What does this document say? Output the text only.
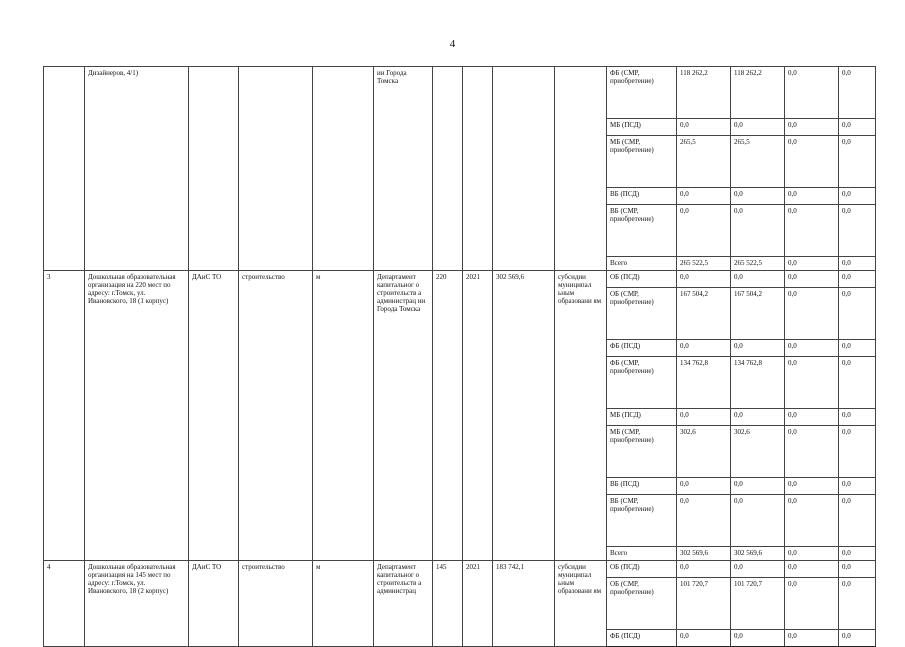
4
	Дизайнеров, 4/1)				ии Города
Томска					ФБ (СМР,
приобретение)	118 262,2	118 262,2	0,0	0,0
										МБ (ПСД)	0,0	0,0	0,0	0,0
										МБ (СМР,
приобретение)	265,5	265,5	0,0	0,0
										ВБ (ПСД)	0,0	0,0	0,0	0,0
										ВБ (СМР,
приобретение)	0,0	0,0	0,0	0,0
										Всего	265 522,5	265 522,5	0,0	0,0
3	Дошкольная образовательная организация на 220 мест по адресу: г.Томск, ул. Ивановского, 18 (1 корпус)	ДАиС ТО	строительство	м	Департамент капитальног о строительств а администрац ии Города Томска	220	2021	302 569,6	субсидии муниципал ьным образовани ям	ОБ (ПСД)	0,0	0,0	0,0	0,0
										ОБ (СМР,
приобретение)	167 504,2	167 504,2	0,0	0,0
										ФБ (ПСД)	0,0	0,0	0,0	0,0
										ФБ (СМР,
приобретение)	134 762,8	134 762,8	0,0	0,0
										МБ (ПСД)	0,0	0,0	0,0	0,0
										МБ (СМР,
приобретение)	302,6	302,6	0,0	0,0
										ВБ (ПСД)	0,0	0,0	0,0	0,0
										ВБ (СМР,
приобретение)	0,0	0,0	0,0	0,0
										Всего	302 569,6	302 569,6	0,0	0,0
4	Дошкольная образовательная организация на 145 мест по адресу: г.Томск, ул. Ивановского, 18 (2 корпус)	ДАиС ТО	строительство	м	Департамент капитальног о строительств а администрац	145	2021	183 742,1	субсидии муниципал ьным образовани ям	ОБ (ПСД)	0,0	0,0	0,0	0,0
										ОБ (СМР,
приобретение)	101 720,7	101 720,7	0,0	0,0
										ФБ (ПСД)	0,0	0,0	0,0	0,0
